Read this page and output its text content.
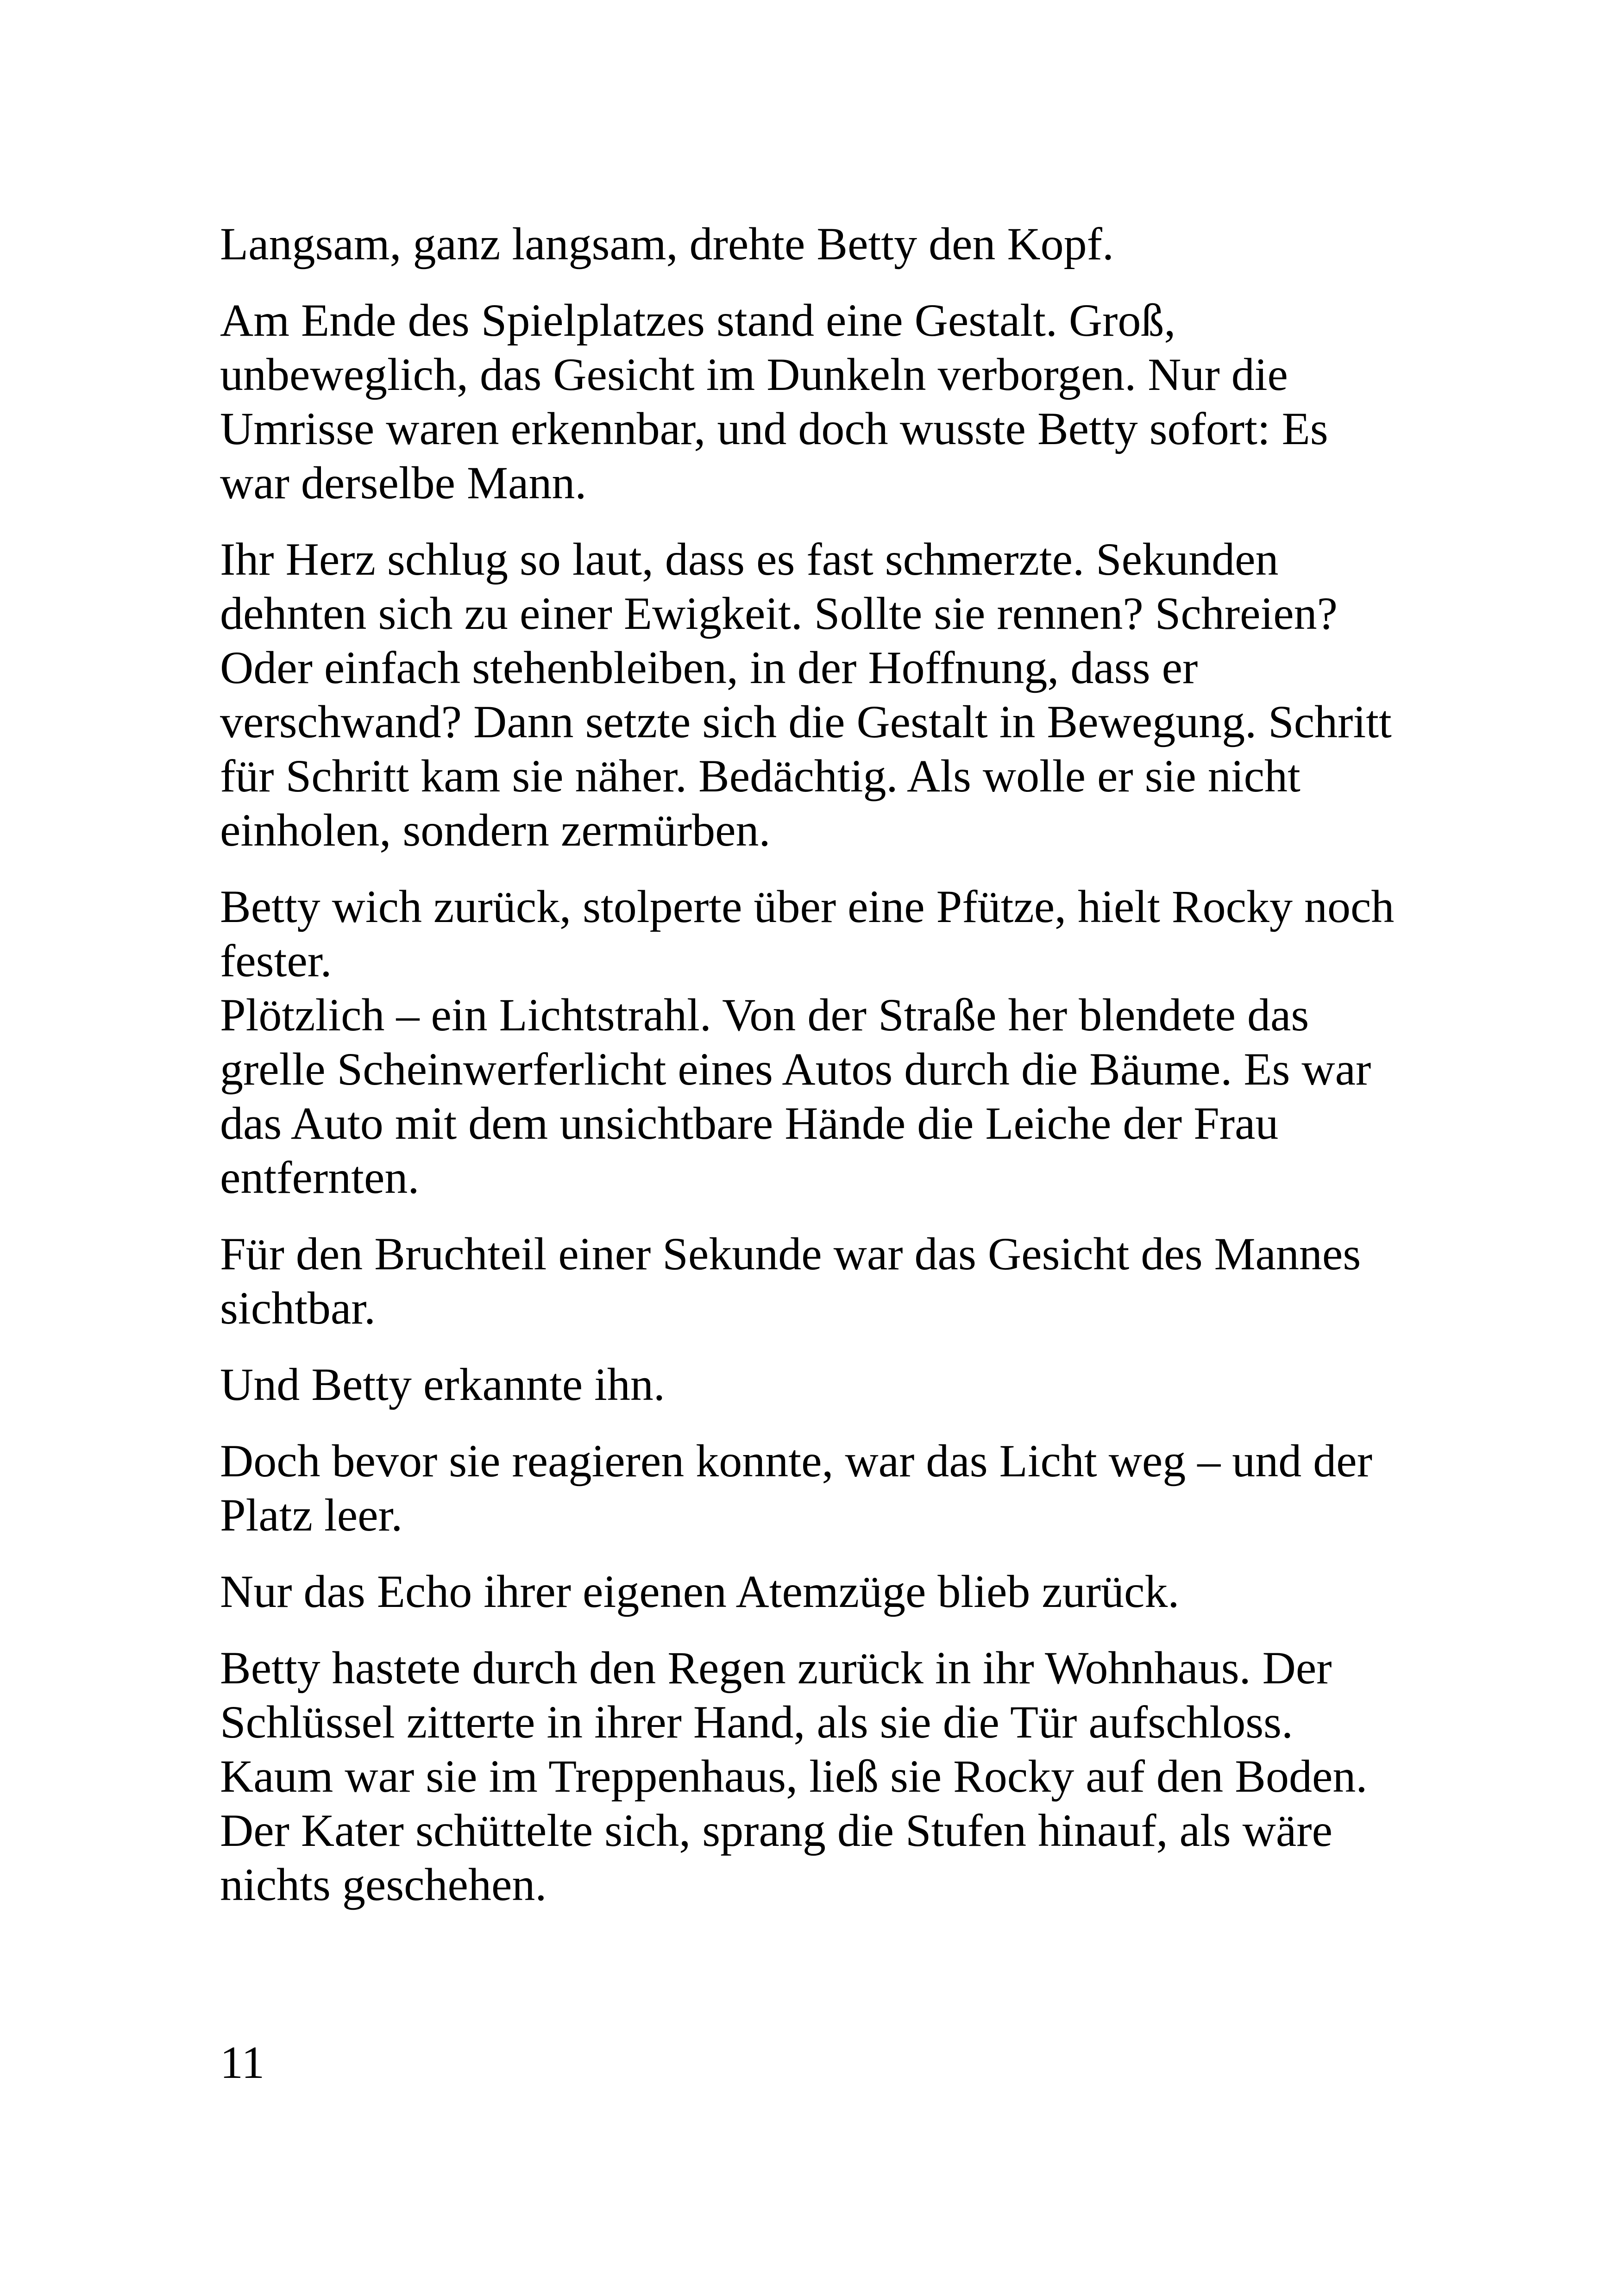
Langsam, ganz langsam, drehte Betty den Kopf.

Am Ende des Spielplatzes stand eine Gestalt. Groß,
unbeweglich, das Gesicht im Dunkeln verborgen. Nur die
Umrisse waren erkennbar, und doch wusste Betty sofort: Es
war derselbe Mann.

Ihr Herz schlug so laut, dass es fast schmerzte. Sekunden
dehnten sich zu einer Ewigkeit. Sollte sie rennen? Schreien?
Oder einfach stehenbleiben, in der Hoffnung, dass er
verschwand? Dann setzte sich die Gestalt in Bewegung. Schritt
für Schritt kam sie näher. Bedächtig. Als wolle er sie nicht
einholen, sondern zermürben.

Betty wich zurück, stolperte über eine Pfütze, hielt Rocky noch
fester.

Plötzlich – ein Lichtstrahl. Von der Straße her blendete das
grelle Scheinwerferlicht eines Autos durch die Bäume. Es war
das Auto mit dem unsichtbare Hände die Leiche der Frau
entfernten.

Für den Bruchteil einer Sekunde war das Gesicht des Mannes
sichtbar.

Und Betty erkannte ihn.

Doch bevor sie reagieren konnte, war das Licht weg – und der
Platz leer.

Nur das Echo ihrer eigenen Atemzüge blieb zurück.

Betty hastete durch den Regen zurück in ihr Wohnhaus. Der
Schlüssel zitterte in ihrer Hand, als sie die Tür aufschloss.
Kaum war sie im Treppenhaus, ließ sie Rocky auf den Boden.
Der Kater schüttelte sich, sprang die Stufen hinauf, als wäre
nichts geschehen.

11
